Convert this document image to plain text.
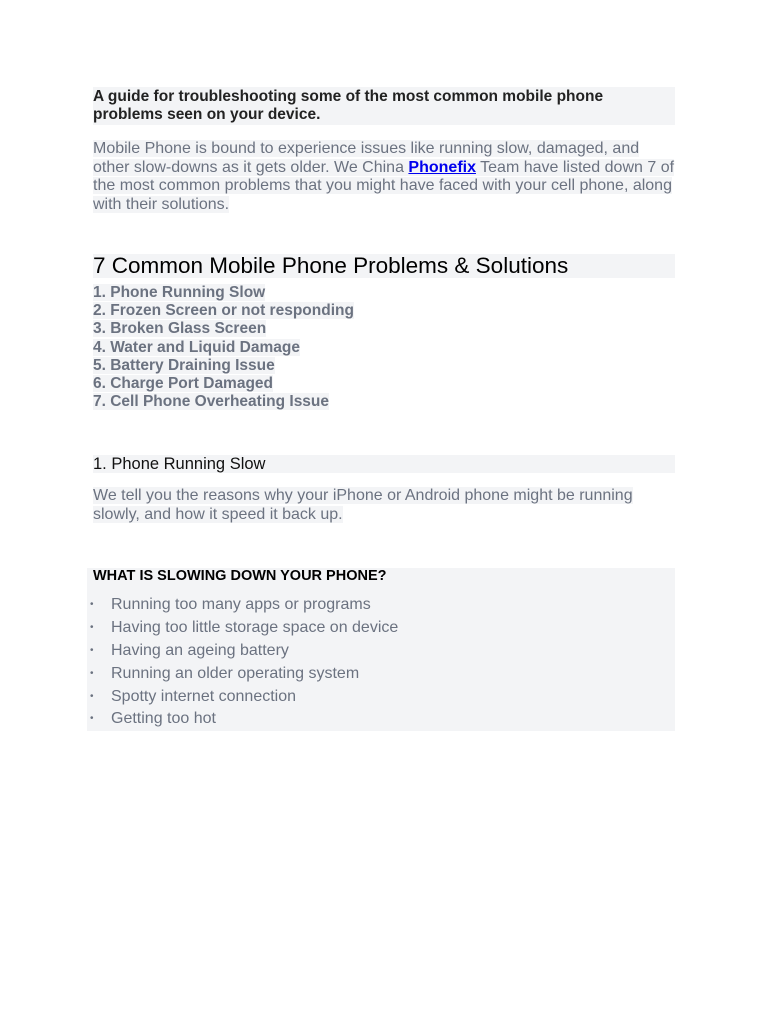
A guide for troubleshooting some of the most common mobile phone problems seen on your device.

Mobile Phone is bound to experience issues like running slow, damaged, and other slow-downs as it gets older. We China Phonefix Team have listed down 7 of the most common problems that you might have faced with your cell phone, along with their solutions.

7 Common Mobile Phone Problems & Solutions
1. Phone Running Slow
2. Frozen Screen or not responding
3. Broken Glass Screen
4. Water and Liquid Damage
5. Battery Draining Issue
6. Charge Port Damaged
7. Cell Phone Overheating Issue
1. Phone Running Slow

We tell you the reasons why your iPhone or Android phone might be running slowly, and how it speed it back up.

WHAT IS SLOWING DOWN YOUR PHONE?
• Running too many apps or programs
• Having too little storage space on device
• Having an ageing battery
• Running an older operating system
• Spotty internet connection
• Getting too hot
